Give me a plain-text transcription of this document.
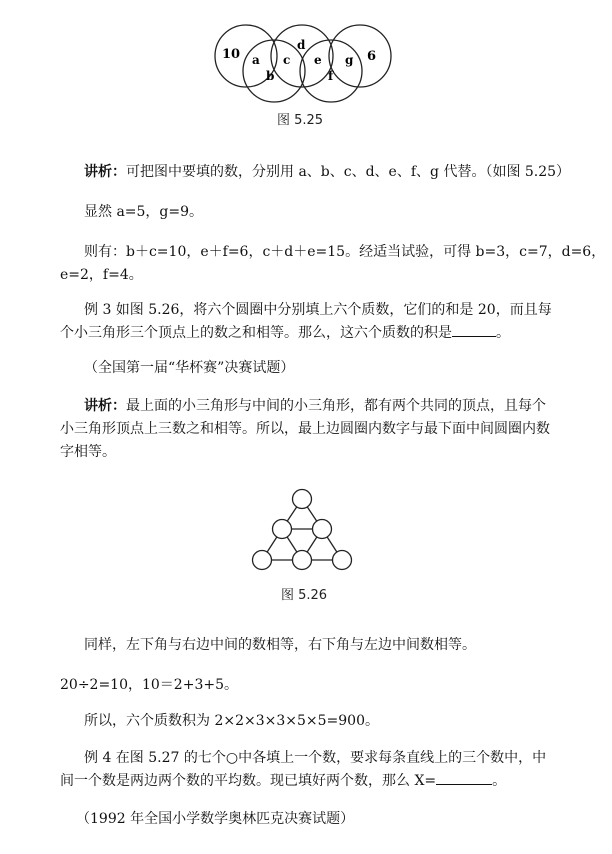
10 a
b
c
d
e
f
g 6
图 5.25
讲析：可把图中要填的数，分别用 a、b、c、d、e、f、g 代替。（如图 5.25）
显然 a=5，g=9。
则有：b＋c=10，e＋f=6，c＋d＋e=15。经适当试验，可得 b=3，c=7，d=6，
e=2，f=4。
例 3 如图 5.26，将六个圆圈中分别填上六个质数，它们的和是 20，而且每
个小三角形三个顶点上的数之和相等。那么，这六个质数的积是	。
（全国第一届“华杯赛”决赛试题）
讲析：最上面的小三角形与中间的小三角形，都有两个共同的顶点，且每个
小三角形顶点上三数之和相等。所以，最上边圆圈内数字与最下面中间圆圈内数
字相等。
图 5.26
同样，左下角与右边中间的数相等，右下角与左边中间数相等。
20÷2=10，10＝2+3+5。
所以，六个质数积为 2×2×3×3×5×5=900。
例 4 在图 5.27 的七个○中各填上一个数，要求每条直线上的三个数中，中
间一个数是两边两个数的平均数。现已填好两个数，那么 X=	。
（1992 年全国小学数学奥林匹克决赛试题）
